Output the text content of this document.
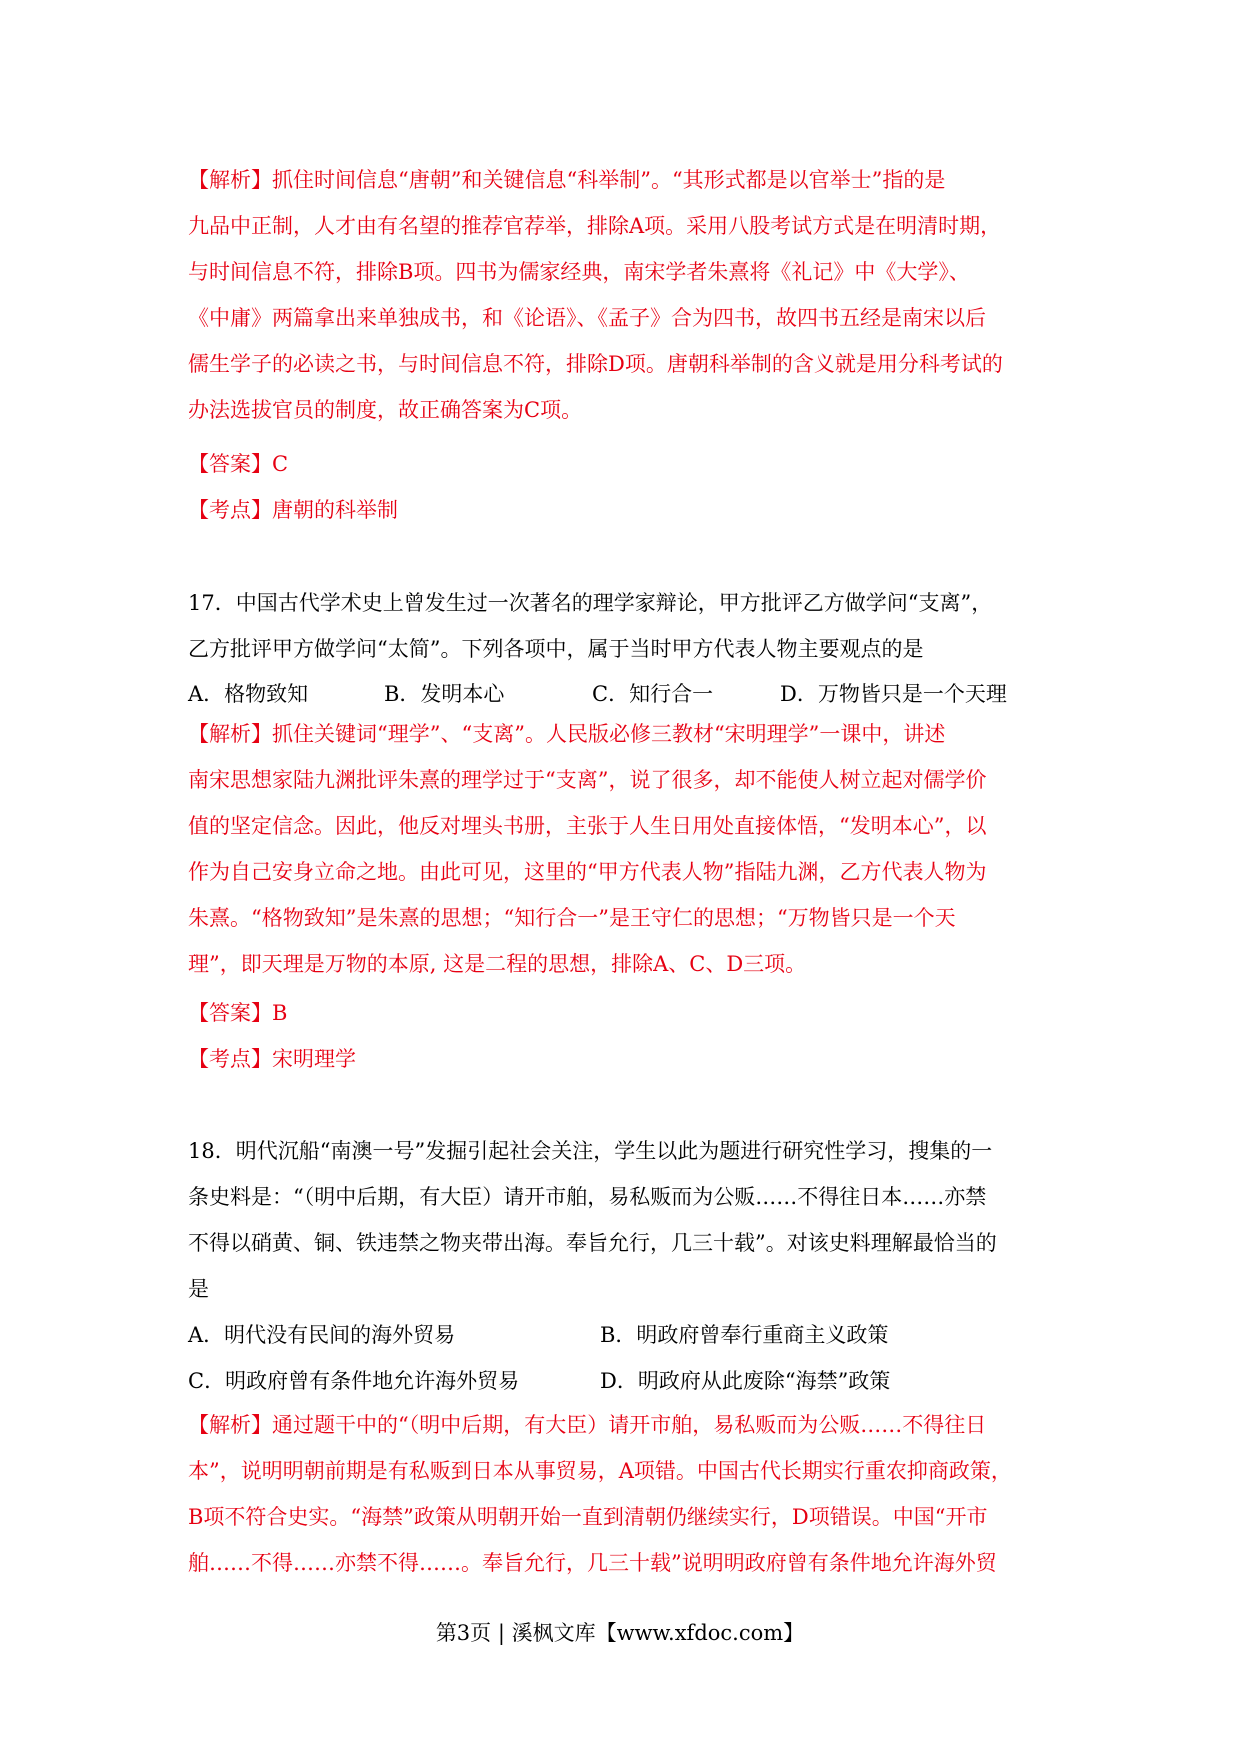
【解析】抓住时间信息“唐朝”和关键信息“科举制”。“其形式都是以官举士”指的是
九品中正制，人才由有名望的推荐官荐举，排除A项。采用八股考试方式是在明清时期，
与时间信息不符，排除B项。四书为儒家经典，南宋学者朱熹将《礼记》中《大学》、
《中庸》两篇拿出来单独成书，和《论语》、《孟子》合为四书，故四书五经是南宋以后
儒生学子的必读之书，与时间信息不符，排除D项。唐朝科举制的含义就是用分科考试的
办法选拔官员的制度，故正确答案为C项。
【答案】C
【考点】唐朝的科举制
17．中国古代学术史上曾发生过一次著名的理学家辩论，甲方批评乙方做学问“支离”，
乙方批评甲方做学问“太简”。下列各项中，属于当时甲方代表人物主要观点的是
A．格物致知	B．发明本心	C．知行合一	D．万物皆只是一个天理
【解析】抓住关键词“理学”、“支离”。人民版必修三教材“宋明理学”一课中，讲述
南宋思想家陆九渊批评朱熹的理学过于“支离”，说了很多，却不能使人树立起对儒学价
值的坚定信念。因此，他反对埋头书册，主张于人生日用处直接体悟，“发明本心”，以
作为自己安身立命之地。由此可见，这里的“甲方代表人物”指陆九渊，乙方代表人物为
朱熹。“格物致知”是朱熹的思想；“知行合一”是王守仁的思想；“万物皆只是一个天
理”，即天理是万物的本原, 这是二程的思想，排除A、C、D三项。
【答案】B
【考点】宋明理学
18．明代沉船“南澳一号”发掘引起社会关注，学生以此为题进行研究性学习，搜集的一
条史料是：“（明中后期，有大臣）请开市舶，易私贩而为公贩……不得往日本……亦禁
不得以硝黄、铜、铁违禁之物夹带出海。奉旨允行，几三十载”。对该史料理解最恰当的
是
A．明代没有民间的海外贸易	B．明政府曾奉行重商主义政策
C．明政府曾有条件地允许海外贸易	D．明政府从此废除“海禁”政策
【解析】通过题干中的“（明中后期，有大臣）请开市舶，易私贩而为公贩……不得往日
本”，说明明朝前期是有私贩到日本从事贸易，A项错。中国古代长期实行重农抑商政策，
B项不符合史实。“海禁”政策从明朝开始一直到清朝仍继续实行，D项错误。中国“开市
舶……不得……亦禁不得……。奉旨允行，几三十载”说明明政府曾有条件地允许海外贸
第3页 | 溪枫文库【www.xfdoc.com】
